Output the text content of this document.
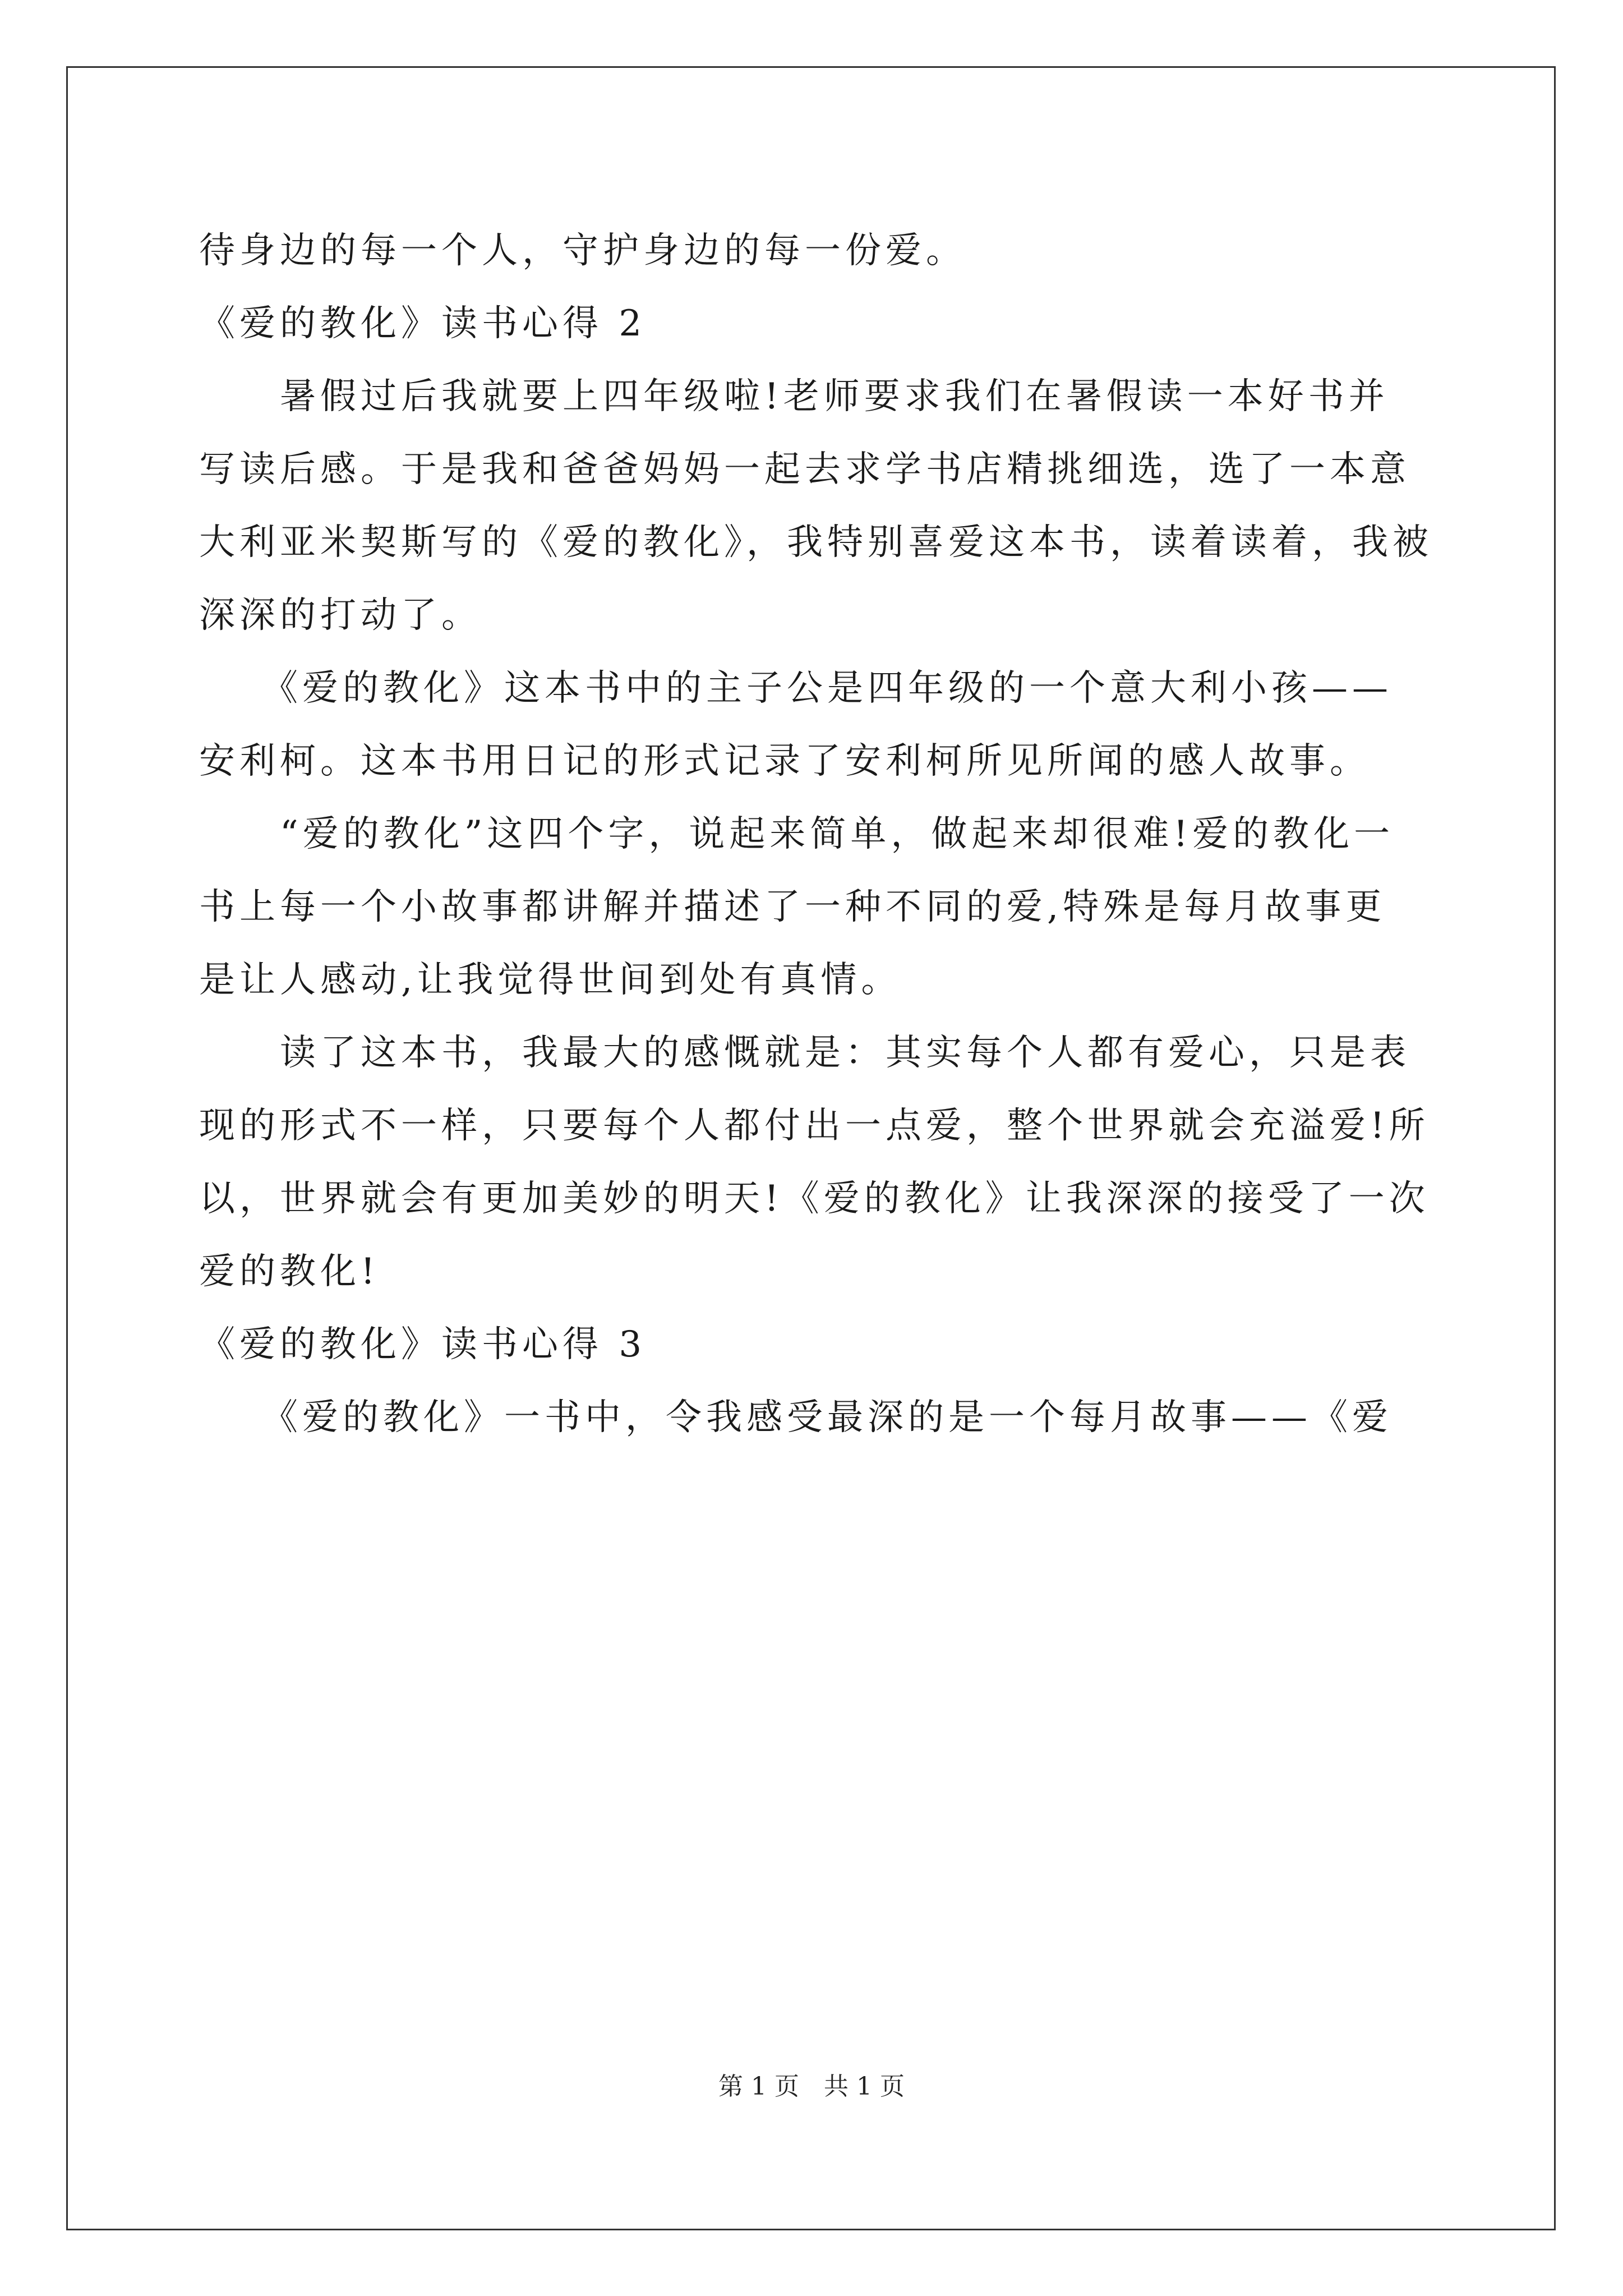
待身边的每一个人，守护身边的每一份爱。
《爱的教化》读书心得 2
　　暑假过后我就要上四年级啦!老师要求我们在暑假读一本好书并
写读后感。于是我和爸爸妈妈一起去求学书店精挑细选，选了一本意
大利亚米契斯写的《爱的教化》，我特别喜爱这本书，读着读着，我被
深深的打动了。
　　《爱的教化》这本书中的主子公是四年级的一个意大利小孩——
安利柯。这本书用日记的形式记录了安利柯所见所闻的感人故事。
　　“爱的教化”这四个字，说起来简单，做起来却很难!爱的教化一
书上每一个小故事都讲解并描述了一种不同的爱,特殊是每月故事更
是让人感动,让我觉得世间到处有真情。
　　读了这本书，我最大的感慨就是：其实每个人都有爱心，只是表
现的形式不一样，只要每个人都付出一点爱，整个世界就会充溢爱!所
以，世界就会有更加美妙的明天!《爱的教化》让我深深的接受了一次
爱的教化!
《爱的教化》读书心得 3
　　《爱的教化》一书中，令我感受最深的是一个每月故事——《爱
第 1 页　共 1 页
